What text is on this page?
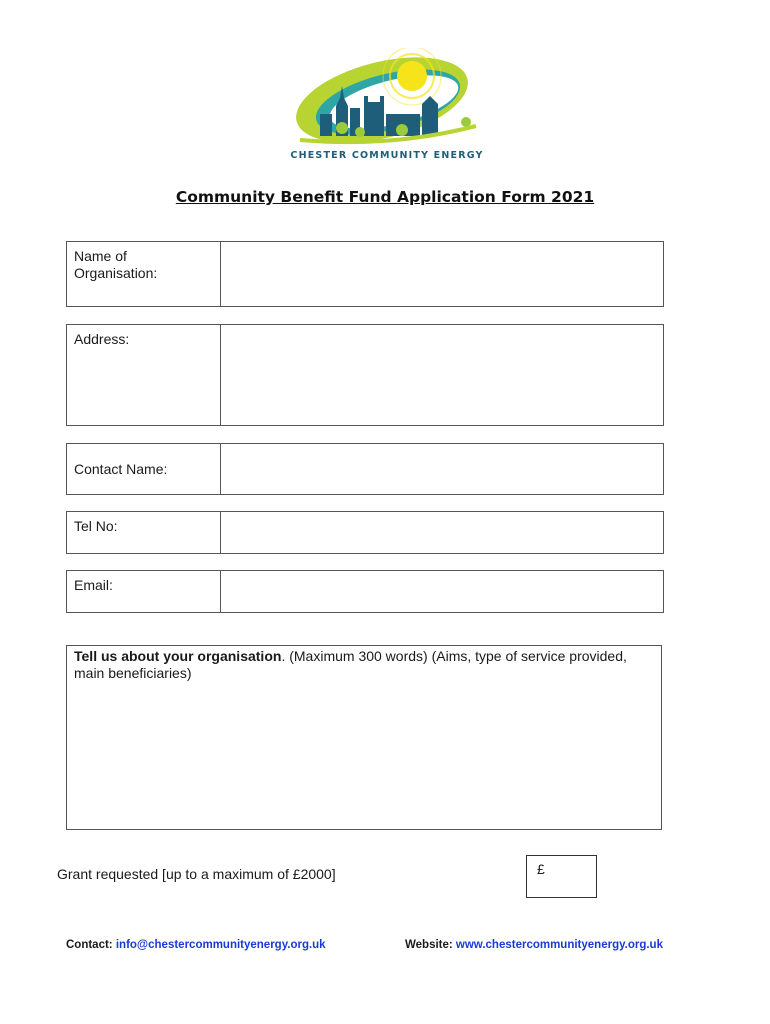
CHESTER COMMUNITY ENERGY
Community Benefit Fund Application Form 2021
Name of
Organisation:
Address:
Contact Name:
Tel No:
Email:
Tell us about your organisation. (Maximum 300 words) (Aims, type of service provided, main beneficiaries)
Grant requested [up to a maximum of £2000]	£
Contact: info@chestercommunityenergy.org.uk	Website: www.chestercommunityenergy.org.uk
